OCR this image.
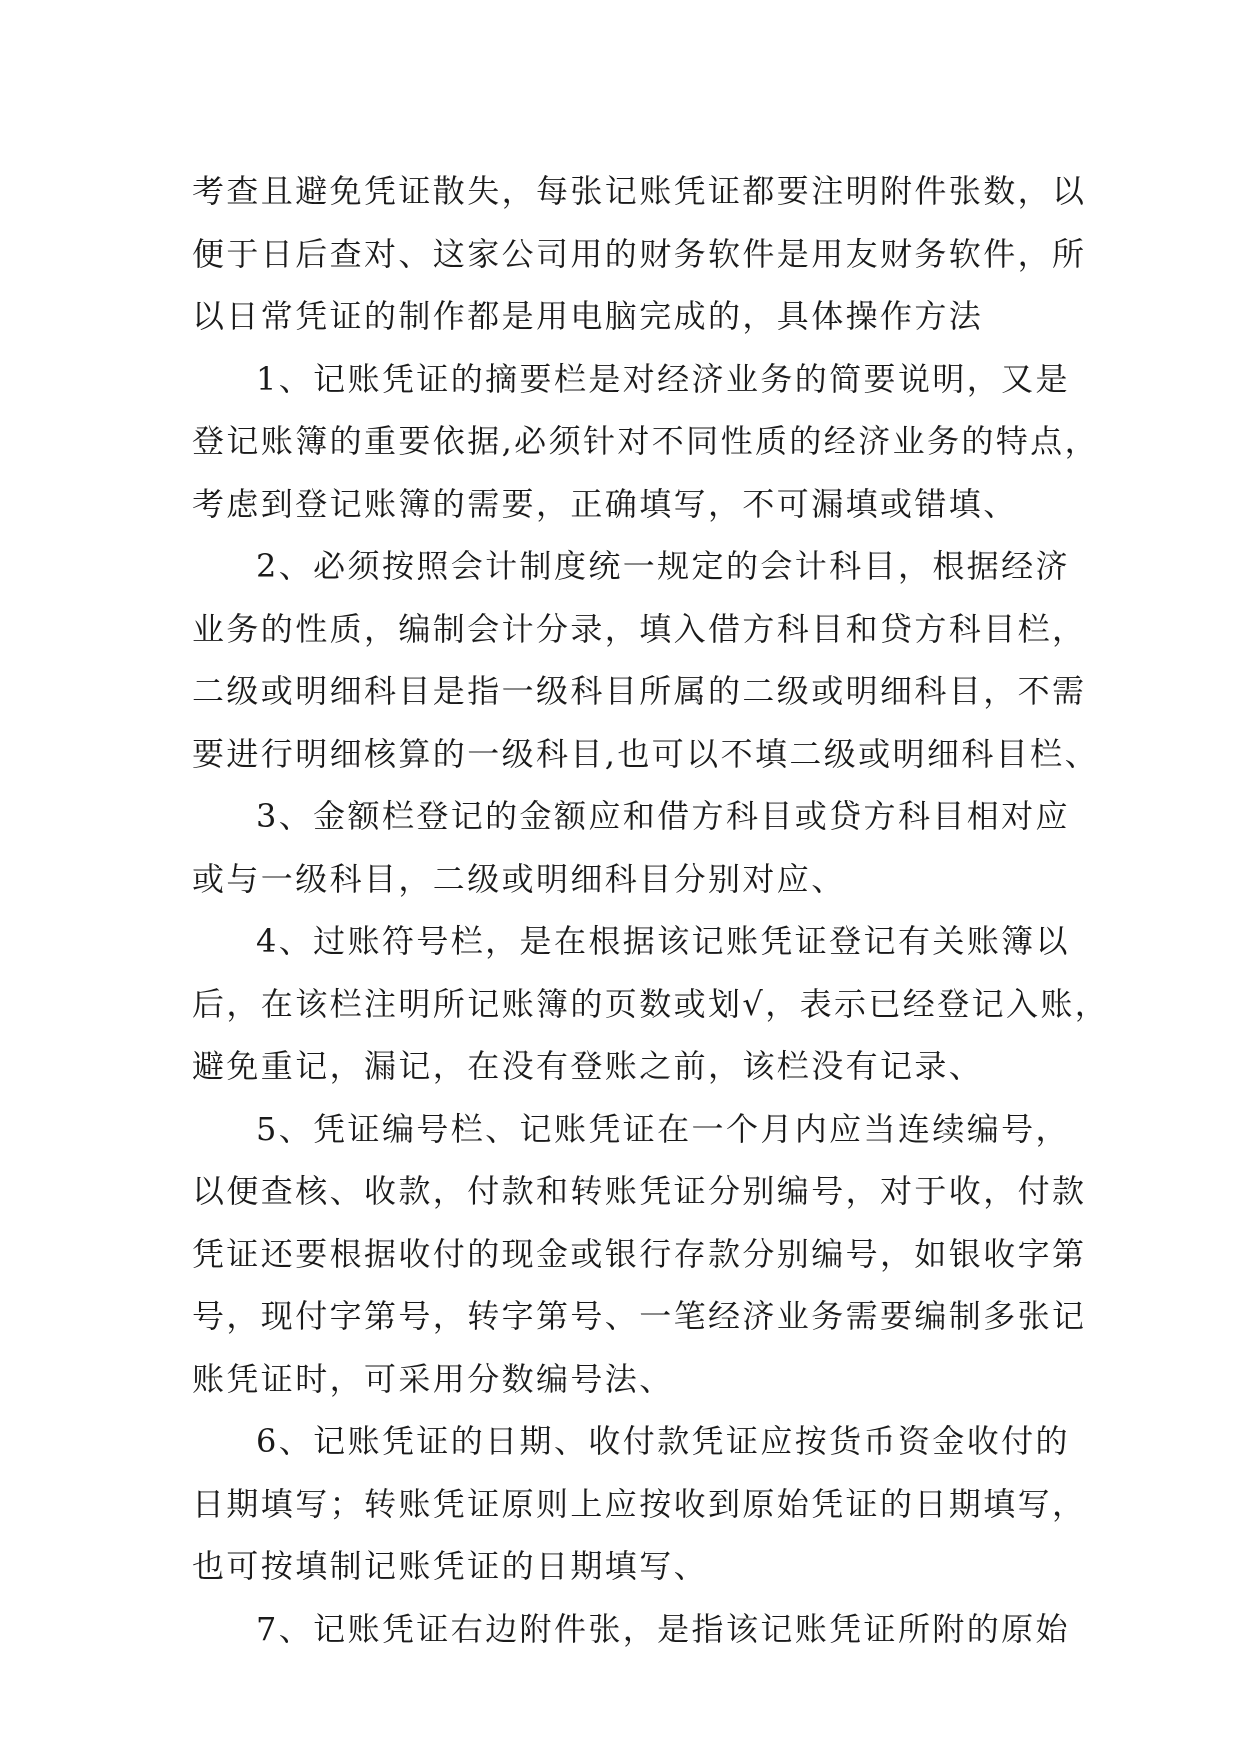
考查且避免凭证散失，每张记账凭证都要注明附件张数，以
便于日后查对、这家公司用的财务软件是用友财务软件，所
以日常凭证的制作都是用电脑完成的，具体操作方法
1、记账凭证的摘要栏是对经济业务的简要说明，又是
登记账簿的重要依据,必须针对不同性质的经济业务的特点，
考虑到登记账簿的需要，正确填写，不可漏填或错填、
2、必须按照会计制度统一规定的会计科目，根据经济
业务的性质，编制会计分录，填入借方科目和贷方科目栏，
二级或明细科目是指一级科目所属的二级或明细科目，不需
要进行明细核算的一级科目,也可以不填二级或明细科目栏、
3、金额栏登记的金额应和借方科目或贷方科目相对应
或与一级科目，二级或明细科目分别对应、
4、过账符号栏，是在根据该记账凭证登记有关账簿以
后，在该栏注明所记账簿的页数或划√，表示已经登记入账，
避免重记，漏记，在没有登账之前，该栏没有记录、
5、凭证编号栏、记账凭证在一个月内应当连续编号，
以便查核、收款，付款和转账凭证分别编号，对于收，付款
凭证还要根据收付的现金或银行存款分别编号，如银收字第
号，现付字第号，转字第号、一笔经济业务需要编制多张记
账凭证时，可采用分数编号法、
6、记账凭证的日期、收付款凭证应按货币资金收付的
日期填写；转账凭证原则上应按收到原始凭证的日期填写，
也可按填制记账凭证的日期填写、
7、记账凭证右边附件张，是指该记账凭证所附的原始
